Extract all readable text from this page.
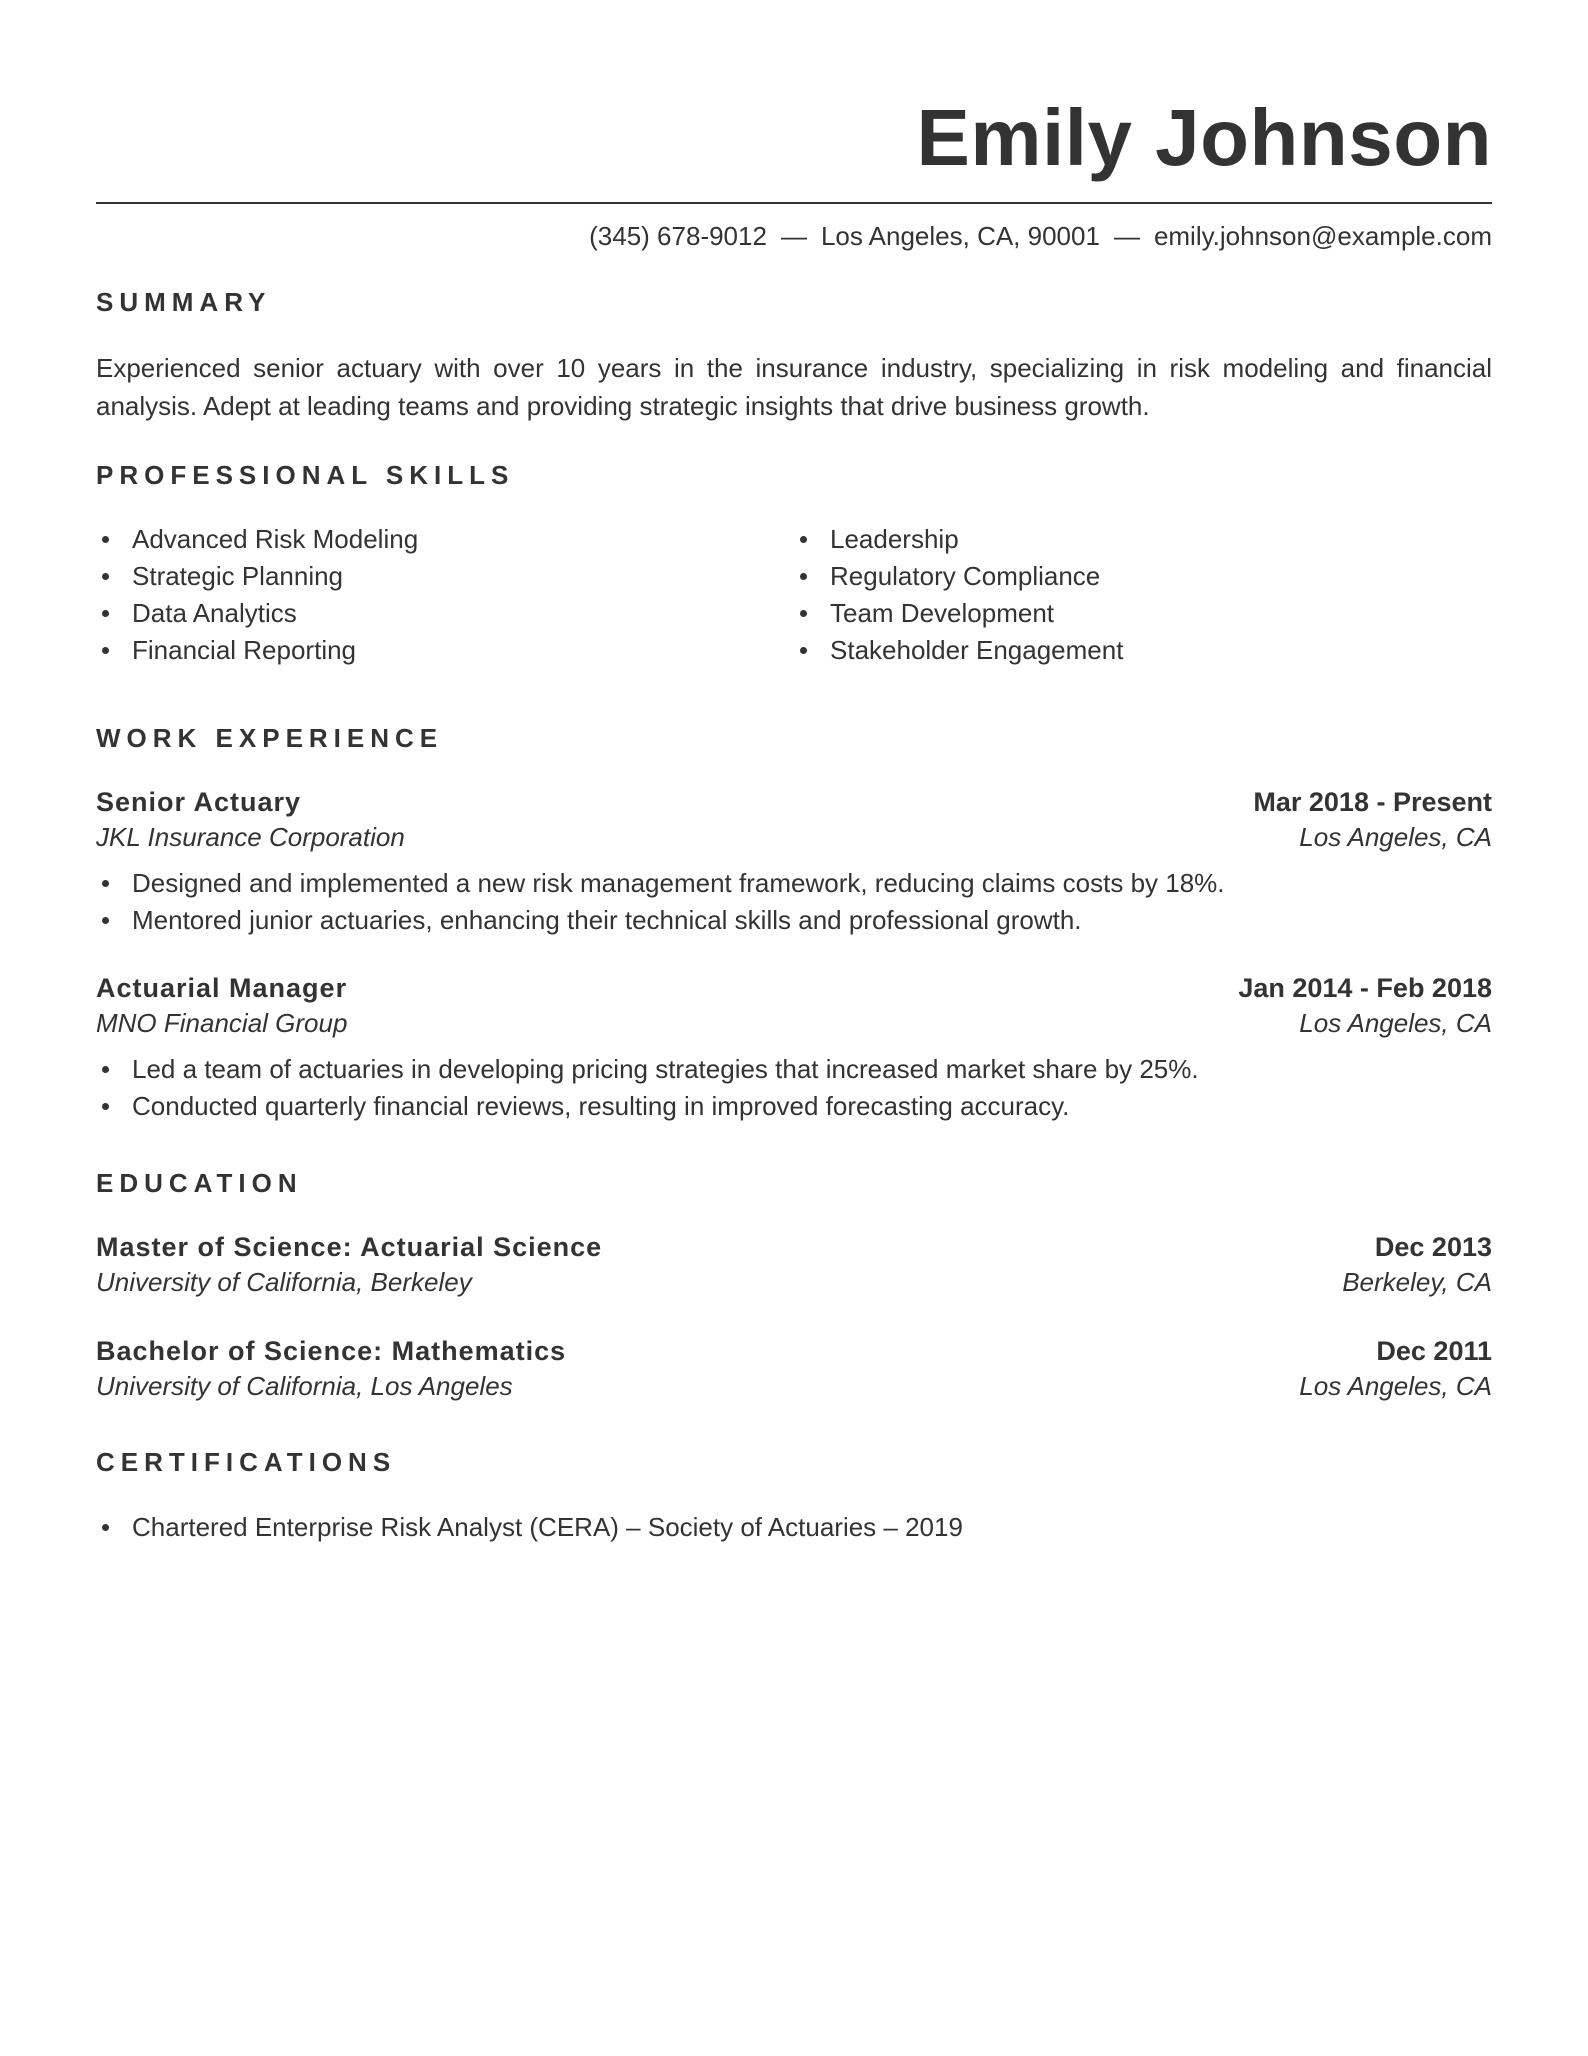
Emily Johnson
(345) 678-9012 — Los Angeles, CA, 90001 — emily.johnson@example.com
SUMMARY

Experienced senior actuary with over 10 years in the insurance industry, specializing in risk modeling and financial analysis. Adept at leading teams and providing strategic insights that drive business growth.

PROFESSIONAL SKILLS
Advanced Risk Modeling
Strategic Planning
Data Analytics
Financial Reporting
Leadership
Regulatory Compliance
Team Development
Stakeholder Engagement
WORK EXPERIENCE
Senior Actuary	Mar 2018 - Present
JKL Insurance Corporation	Los Angeles, CA
Designed and implemented a new risk management framework, reducing claims costs by 18%.
Mentored junior actuaries, enhancing their technical skills and professional growth.
Actuarial Manager	Jan 2014 - Feb 2018
MNO Financial Group	Los Angeles, CA
Led a team of actuaries in developing pricing strategies that increased market share by 25%.
Conducted quarterly financial reviews, resulting in improved forecasting accuracy.
EDUCATION
Master of Science: Actuarial Science	Dec 2013
University of California, Berkeley	Berkeley, CA
Bachelor of Science: Mathematics	Dec 2011
University of California, Los Angeles	Los Angeles, CA
CERTIFICATIONS
Chartered Enterprise Risk Analyst (CERA) – Society of Actuaries – 2019
